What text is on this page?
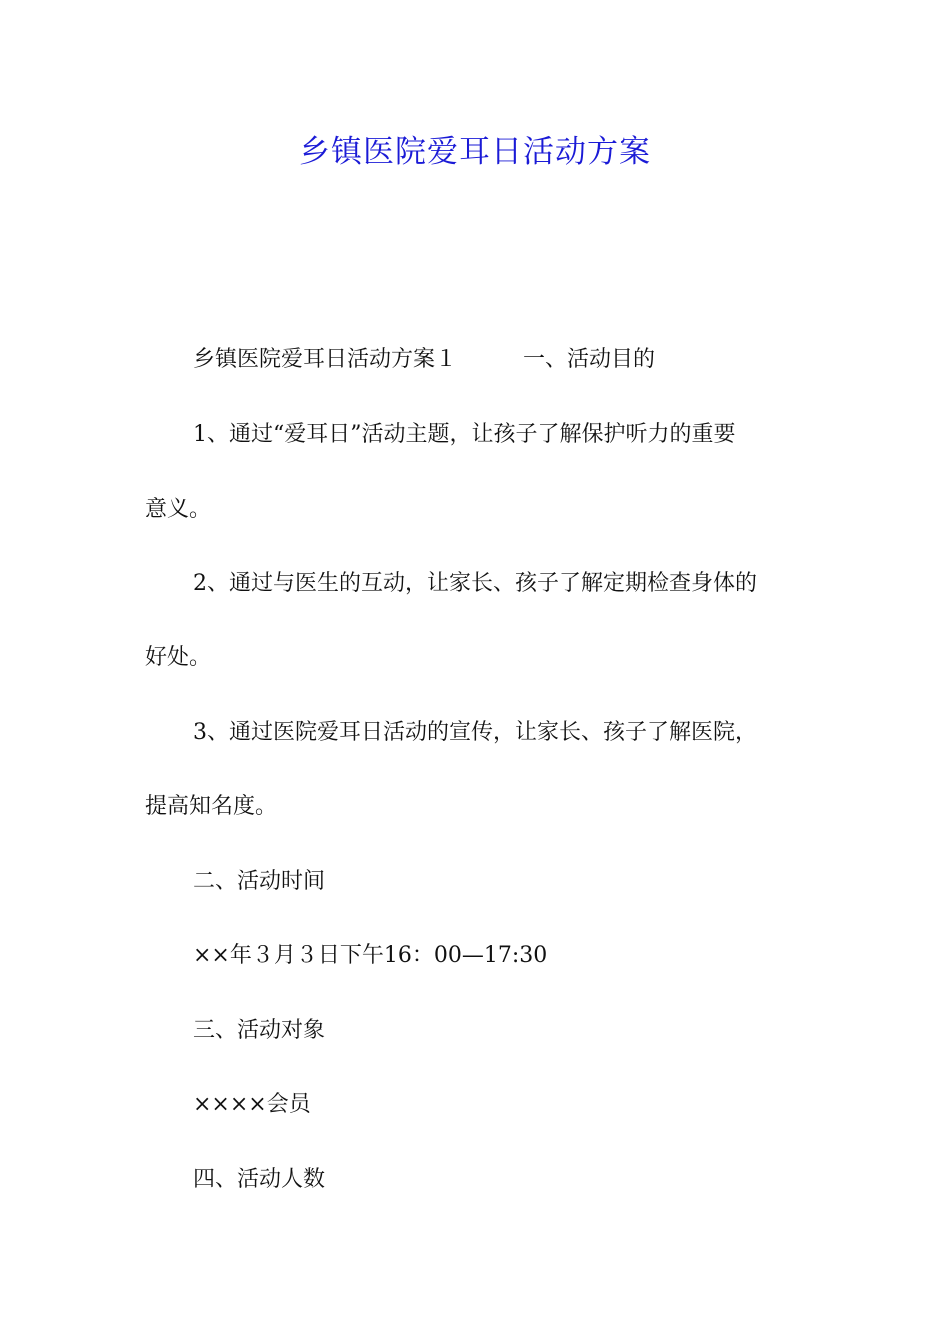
乡镇医院爱耳日活动方案
乡镇医院爱耳日活动方案１　　　一、活动目的
1、通过“爱耳日”活动主题，让孩子了解保护听力的重要
意义。
2、通过与医生的互动，让家长、孩子了解定期检查身体的
好处。
3、通过医院爱耳日活动的宣传，让家长、孩子了解医院，
提高知名度。
二、活动时间
××年３月３日下午16：00—17:30
三、活动对象
××××会员
四、活动人数
